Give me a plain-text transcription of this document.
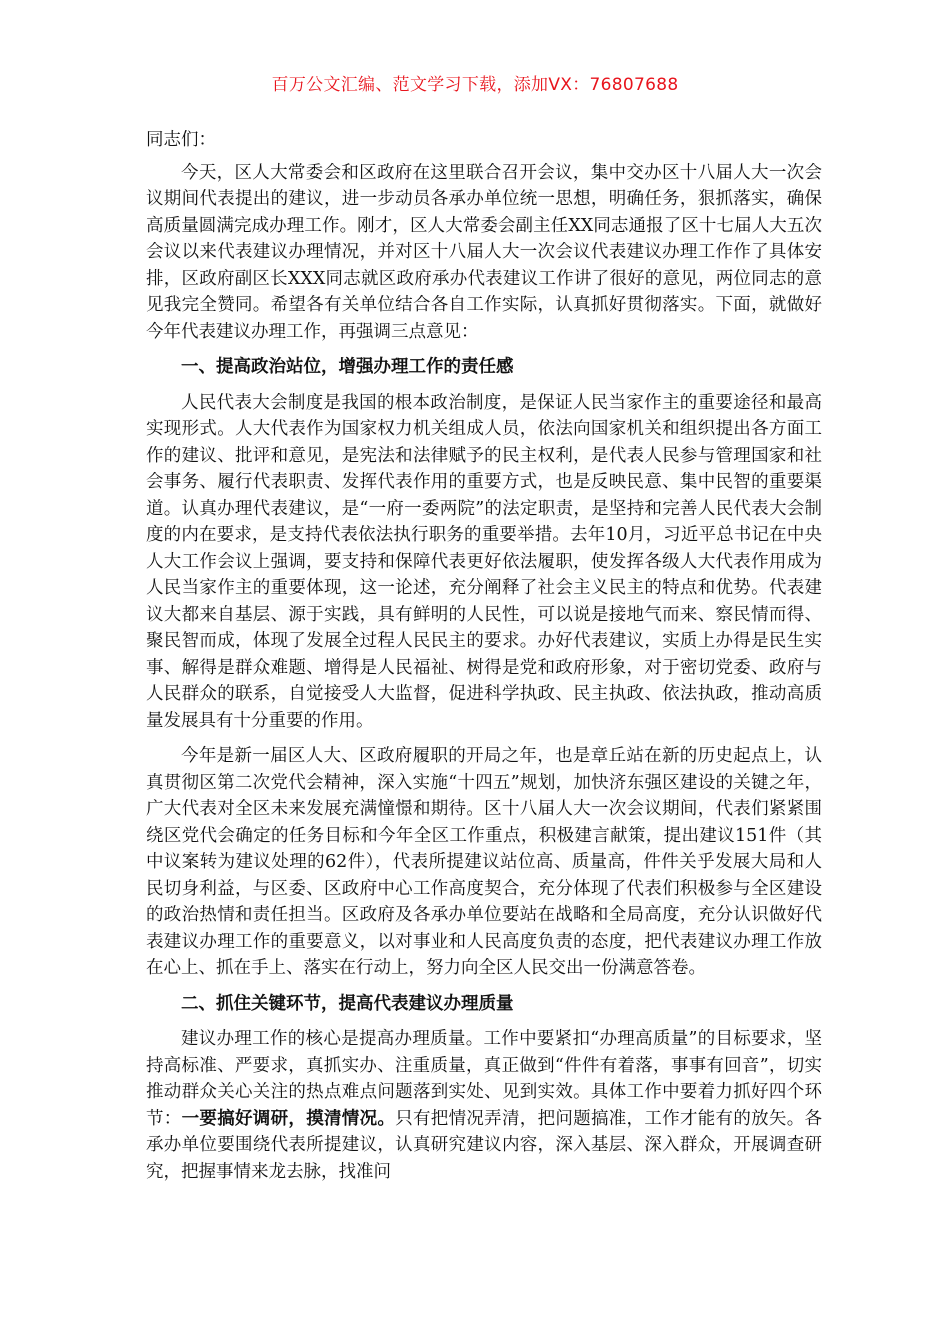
百万公文汇编、范文学习下载，添加VX：76807688

同志们：

今天，区人大常委会和区政府在这里联合召开会议，集中交办区十八届人大一次会议期间代表提出的建议，进一步动员各承办单位统一思想，明确任务，狠抓落实，确保高质量圆满完成办理工作。刚才，区人大常委会副主任XX同志通报了区十七届人大五次会议以来代表建议办理情况，并对区十八届人大一次会议代表建议办理工作作了具体安排，区政府副区长XXX同志就区政府承办代表建议工作讲了很好的意见，两位同志的意见我完全赞同。希望各有关单位结合各自工作实际，认真抓好贯彻落实。下面，就做好今年代表建议办理工作，再强调三点意见：

一、提高政治站位，增强办理工作的责任感

人民代表大会制度是我国的根本政治制度，是保证人民当家作主的重要途径和最高实现形式。人大代表作为国家权力机关组成人员，依法向国家机关和组织提出各方面工作的建议、批评和意见，是宪法和法律赋予的民主权利，是代表人民参与管理国家和社会事务、履行代表职责、发挥代表作用的重要方式，也是反映民意、集中民智的重要渠道。认真办理代表建议，是“一府一委两院”的法定职责，是坚持和完善人民代表大会制度的内在要求，是支持代表依法执行职务的重要举措。去年10月，习近平总书记在中央人大工作会议上强调，要支持和保障代表更好依法履职，使发挥各级人大代表作用成为人民当家作主的重要体现，这一论述，充分阐释了社会主义民主的特点和优势。代表建议大都来自基层、源于实践，具有鲜明的人民性，可以说是接地气而来、察民情而得、聚民智而成，体现了发展全过程人民民主的要求。办好代表建议，实质上办得是民生实事、解得是群众难题、增得是人民福祉、树得是党和政府形象，对于密切党委、政府与人民群众的联系，自觉接受人大监督，促进科学执政、民主执政、依法执政，推动高质量发展具有十分重要的作用。

今年是新一届区人大、区政府履职的开局之年，也是章丘站在新的历史起点上，认真贯彻区第二次党代会精神，深入实施“十四五”规划，加快济东强区建设的关键之年，广大代表对全区未来发展充满憧憬和期待。区十八届人大一次会议期间，代表们紧紧围绕区党代会确定的任务目标和今年全区工作重点，积极建言献策，提出建议151件（其中议案转为建议处理的62件），代表所提建议站位高、质量高，件件关乎发展大局和人民切身利益，与区委、区政府中心工作高度契合，充分体现了代表们积极参与全区建设的政治热情和责任担当。区政府及各承办单位要站在战略和全局高度，充分认识做好代表建议办理工作的重要意义，以对事业和人民高度负责的态度，把代表建议办理工作放在心上、抓在手上、落实在行动上，努力向全区人民交出一份满意答卷。

二、抓住关键环节，提高代表建议办理质量

建议办理工作的核心是提高办理质量。工作中要紧扣“办理高质量”的目标要求，坚持高标准、严要求，真抓实办、注重质量，真正做到“件件有着落，事事有回音”，切实推动群众关心关注的热点难点问题落到实处、见到实效。具体工作中要着力抓好四个环节：一要搞好调研，摸清情况。只有把情况弄清，把问题搞准，工作才能有的放矢。各承办单位要围绕代表所提建议，认真研究建议内容，深入基层、深入群众，开展调查研究，把握事情来龙去脉，找准问
